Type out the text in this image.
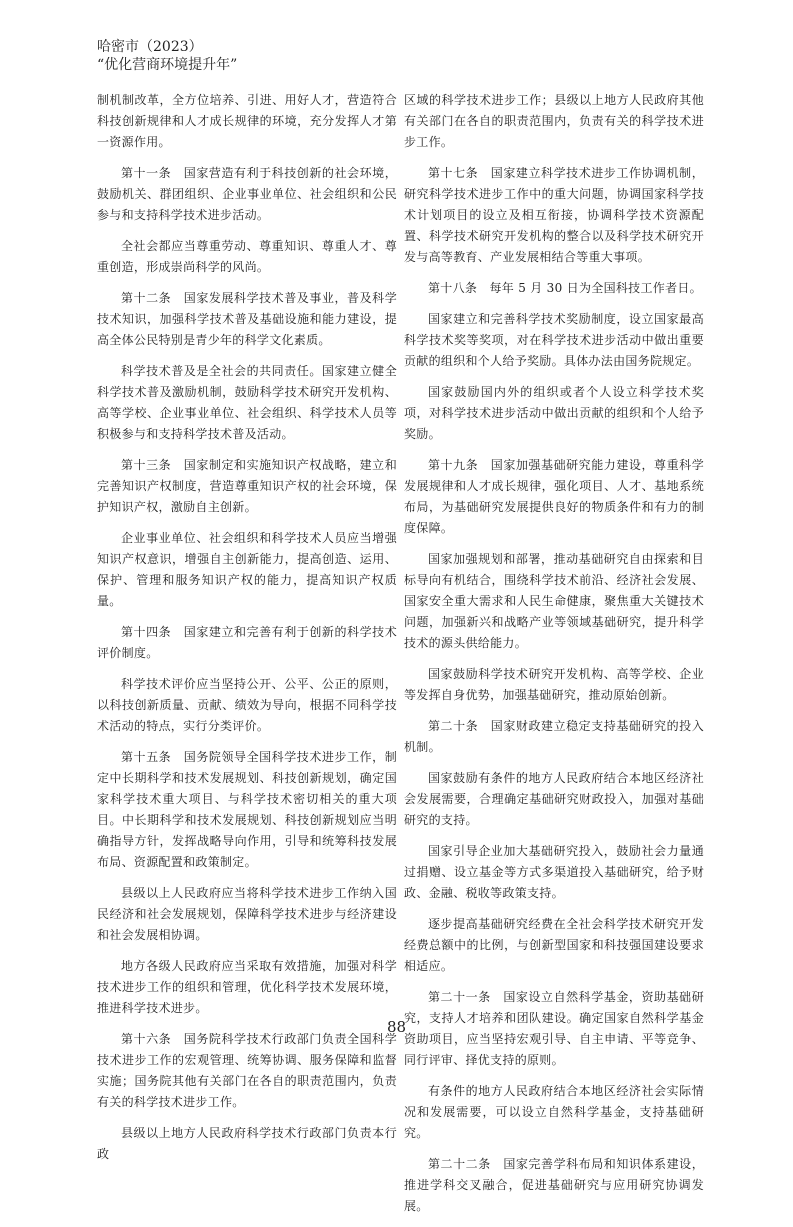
哈密市（2023）
“优化营商环境提升年”

制机制改革，全方位培养、引进、用好人才，营造符合科技创新规律和人才成长规律的环境，充分发挥人才第一资源作用。

第十一条　国家营造有利于科技创新的社会环境，鼓励机关、群团组织、企业事业单位、社会组织和公民参与和支持科学技术进步活动。

全社会都应当尊重劳动、尊重知识、尊重人才、尊重创造，形成崇尚科学的风尚。

第十二条　国家发展科学技术普及事业，普及科学技术知识，加强科学技术普及基础设施和能力建设，提高全体公民特别是青少年的科学文化素质。

科学技术普及是全社会的共同责任。国家建立健全科学技术普及激励机制，鼓励科学技术研究开发机构、高等学校、企业事业单位、社会组织、科学技术人员等积极参与和支持科学技术普及活动。

第十三条　国家制定和实施知识产权战略，建立和完善知识产权制度，营造尊重知识产权的社会环境，保护知识产权，激励自主创新。

企业事业单位、社会组织和科学技术人员应当增强知识产权意识，增强自主创新能力，提高创造、运用、保护、管理和服务知识产权的能力，提高知识产权质量。

第十四条　国家建立和完善有利于创新的科学技术评价制度。

科学技术评价应当坚持公开、公平、公正的原则，以科技创新质量、贡献、绩效为导向，根据不同科学技术活动的特点，实行分类评价。

第十五条　国务院领导全国科学技术进步工作，制定中长期科学和技术发展规划、科技创新规划，确定国家科学技术重大项目、与科学技术密切相关的重大项目。中长期科学和技术发展规划、科技创新规划应当明确指导方针，发挥战略导向作用，引导和统筹科技发展布局、资源配置和政策制定。

县级以上人民政府应当将科学技术进步工作纳入国民经济和社会发展规划，保障科学技术进步与经济建设和社会发展相协调。

地方各级人民政府应当采取有效措施，加强对科学技术进步工作的组织和管理，优化科学技术发展环境，推进科学技术进步。

第十六条　国务院科学技术行政部门负责全国科学技术进步工作的宏观管理、统筹协调、服务保障和监督实施；国务院其他有关部门在各自的职责范围内，负责有关的科学技术进步工作。

县级以上地方人民政府科学技术行政部门负责本行政

区域的科学技术进步工作；县级以上地方人民政府其他有关部门在各自的职责范围内，负责有关的科学技术进步工作。

第十七条　国家建立科学技术进步工作协调机制，研究科学技术进步工作中的重大问题，协调国家科学技术计划项目的设立及相互衔接，协调科学技术资源配置、科学技术研究开发机构的整合以及科学技术研究开发与高等教育、产业发展相结合等重大事项。

第十八条　每年 5 月 30 日为全国科技工作者日。

国家建立和完善科学技术奖励制度，设立国家最高科学技术奖等奖项，对在科学技术进步活动中做出重要贡献的组织和个人给予奖励。具体办法由国务院规定。

国家鼓励国内外的组织或者个人设立科学技术奖项，对科学技术进步活动中做出贡献的组织和个人给予奖励。

第十九条　国家加强基础研究能力建设，尊重科学发展规律和人才成长规律，强化项目、人才、基地系统布局，为基础研究发展提供良好的物质条件和有力的制度保障。

国家加强规划和部署，推动基础研究自由探索和目标导向有机结合，围绕科学技术前沿、经济社会发展、国家安全重大需求和人民生命健康，聚焦重大关键技术问题，加强新兴和战略产业等领域基础研究，提升科学技术的源头供给能力。

国家鼓励科学技术研究开发机构、高等学校、企业等发挥自身优势，加强基础研究，推动原始创新。

第二十条　国家财政建立稳定支持基础研究的投入机制。

国家鼓励有条件的地方人民政府结合本地区经济社会发展需要，合理确定基础研究财政投入，加强对基础研究的支持。

国家引导企业加大基础研究投入，鼓励社会力量通过捐赠、设立基金等方式多渠道投入基础研究，给予财政、金融、税收等政策支持。

逐步提高基础研究经费在全社会科学技术研究开发经费总额中的比例，与创新型国家和科技强国建设要求相适应。

第二十一条　国家设立自然科学基金，资助基础研究，支持人才培养和团队建设。确定国家自然科学基金资助项目，应当坚持宏观引导、自主申请、平等竞争、同行评审、择优支持的原则。

有条件的地方人民政府结合本地区经济社会实际情况和发展需要，可以设立自然科学基金，支持基础研究。

第二十二条　国家完善学科布局和知识体系建设，推进学科交叉融合，促进基础研究与应用研究协调发展。

88
